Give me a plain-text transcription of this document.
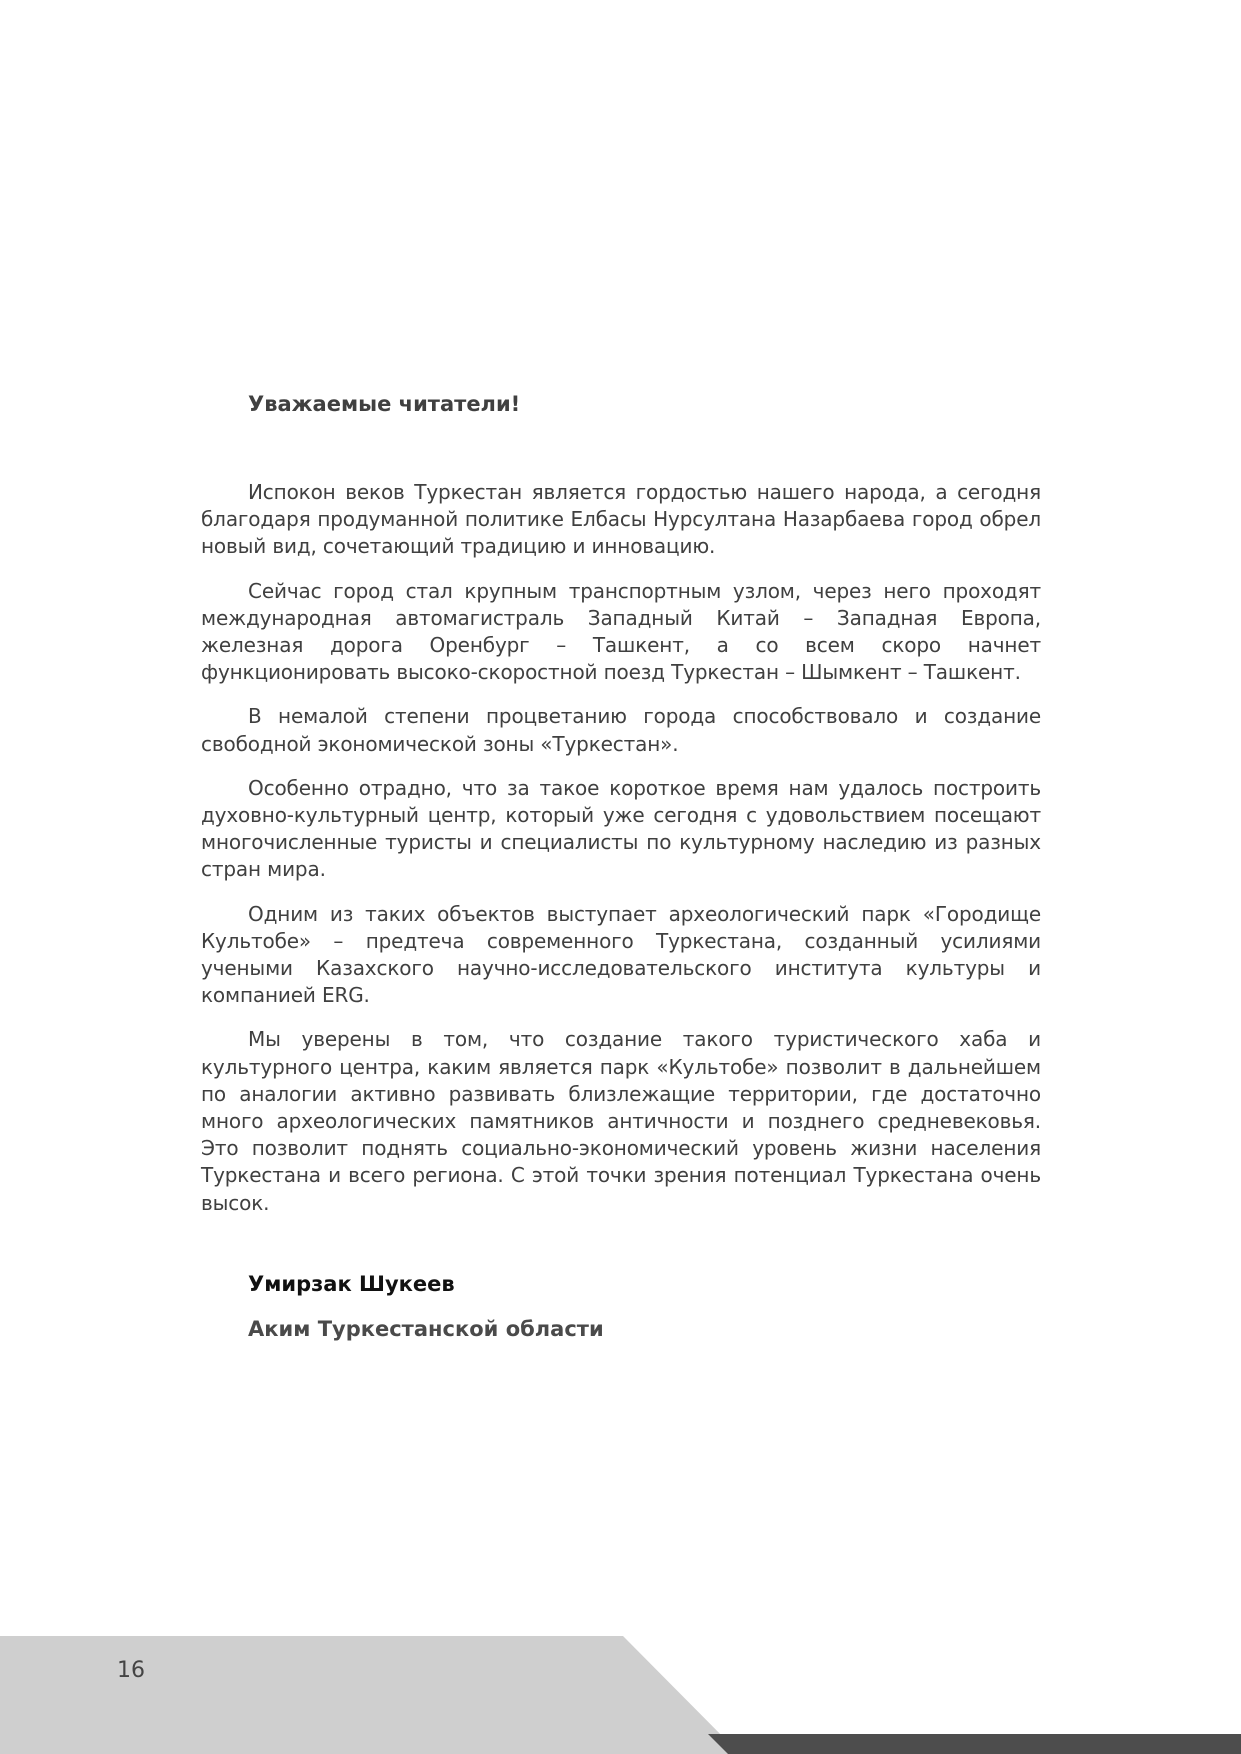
Уважаемые читатели!

Испокон веков Туркестан является гордостью нашего народа, а сегодня благодаря продуманной политике Елбасы Нурсултана Назарбаева город обрел новый вид, сочетающий традицию и инновацию.

Сейчас город стал крупным транспортным узлом, через него проходят международная автомагистраль Западный Китай – Западная Европа, железная дорога Оренбург – Ташкент, а со всем скоро начнет функционировать высоко-скоростной поезд Туркестан – Шымкент – Ташкент.

В немалой степени процветанию города способствовало и создание свободной экономической зоны «Туркестан».

Особенно отрадно, что за такое короткое время нам удалось построить духовно-культурный центр, который уже сегодня с удовольствием посещают многочисленные туристы и специалисты по культурному наследию из разных стран мира.

Одним из таких объектов выступает археологический парк «Городище Культобе» – предтеча современного Туркестана, созданный усилиями учеными Казахского научно-исследовательского института культуры и компанией ERG.

Мы уверены в том, что создание такого туристического хаба и культурного центра, каким является парк «Культобе» позволит в дальнейшем по аналогии активно развивать близлежащие территории, где достаточно много археологических памятников античности и позднего средневековья. Это позволит поднять социально-экономический уровень жизни населения Туркестана и всего региона. С этой точки зрения потенциал Туркестана очень высок.

Умирзак Шукеев
Аким Туркестанской области
16
